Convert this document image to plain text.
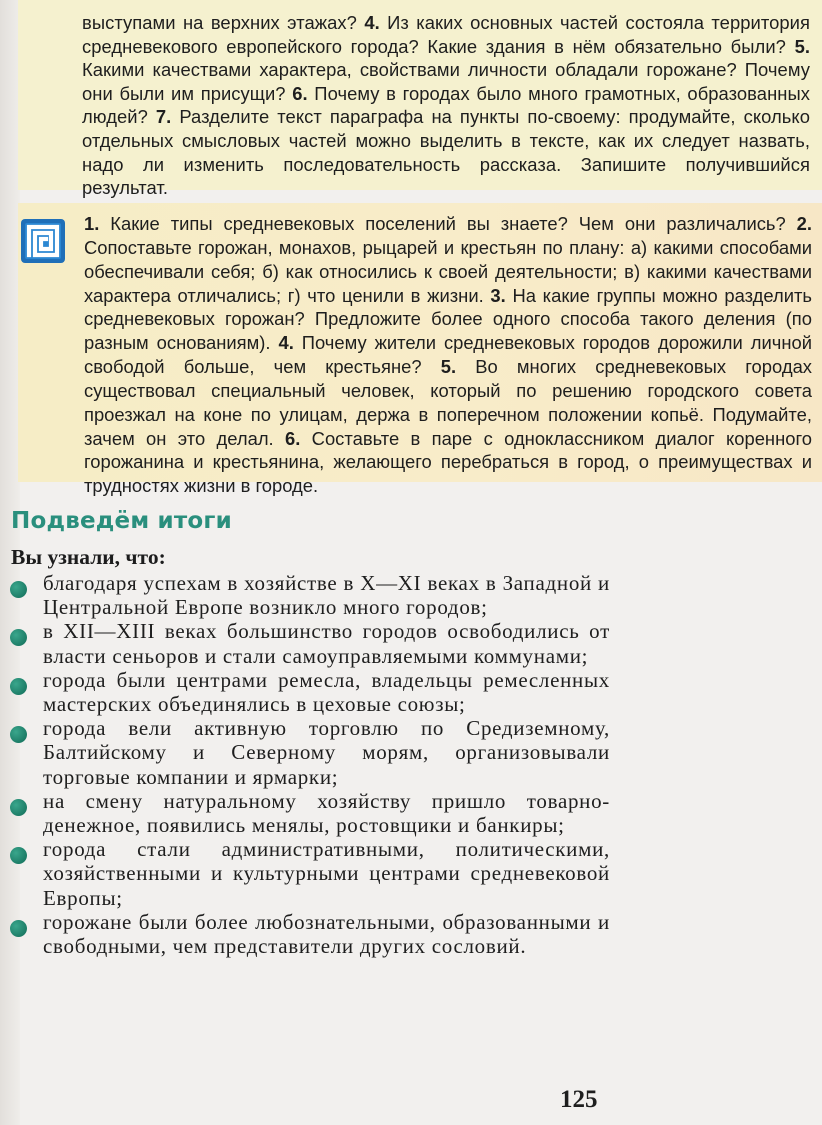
выступами на верхних этажах? 4. Из каких основных частей состояла территория средневекового европейского города? Какие здания в нём обязательно были? 5. Какими качествами характера, свойствами личности обладали горожане? Почему они были им присущи? 6. Почему в городах было много грамотных, образованных людей? 7. Разделите текст параграфа на пункты по-своему: продумайте, сколько отдельных смысловых частей можно выделить в тексте, как их следует назвать, надо ли изменить последовательность рассказа. Запишите получившийся результат.

1. Какие типы средневековых поселений вы знаете? Чем они различались? 2. Сопоставьте горожан, монахов, рыцарей и крестьян по плану: а) какими способами обеспечивали себя; б) как относились к своей деятельности; в) какими качествами характера отличались; г) что ценили в жизни. 3. На какие группы можно разделить средневековых горожан? Предложите более одного способа такого деления (по разным основаниям). 4. Почему жители средневековых городов дорожили личной свободой больше, чем крестьяне? 5. Во многих средневековых городах существовал специальный человек, который по решению городского совета проезжал на коне по улицам, держа в поперечном положении копьё. Подумайте, зачем он это делал. 6. Составьте в паре с одноклассником диалог коренного горожанина и крестьянина, желающего перебраться в город, о преимуществах и трудностях жизни в городе.

Подведём итоги
Вы узнали, что:
благодаря успехам в хозяйстве в X—XI веках в Западной и Центральной Европе возникло много городов;
в XII—XIII веках большинство городов освободились от власти сеньоров и стали самоуправляемыми коммунами;
города были центрами ремесла, владельцы ремесленных мастерских объединялись в цеховые союзы;
города вели активную торговлю по Средиземному, Балтийскому и Северному морям, организовывали торговые компании и ярмарки;
на смену натуральному хозяйству пришло товарно-денежное, появились менялы, ростовщики и банкиры;
города стали административными, политическими, хозяйственными и культурными центрами средневековой Европы;
горожане были более любознательными, образованными и свободными, чем представители других сословий.
125
